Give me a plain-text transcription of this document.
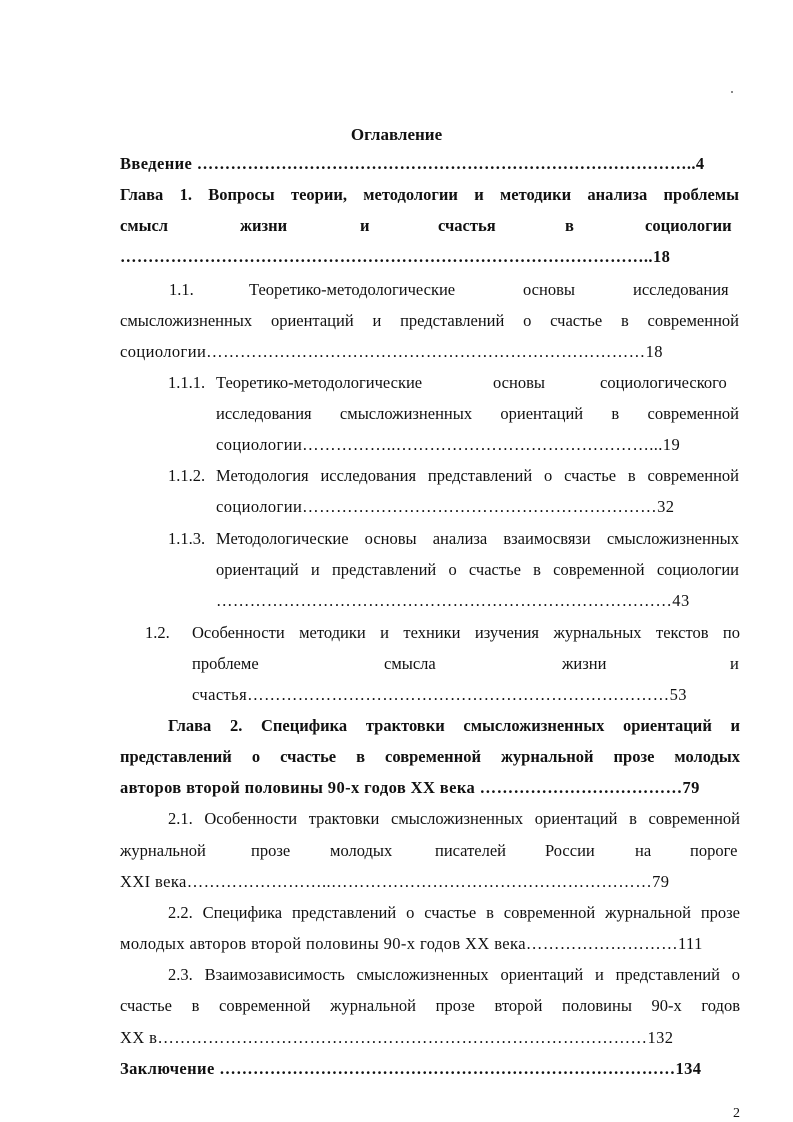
Оглавление
Введение ……………………………………………………………………………..4
Глава 1. Вопросы теории, методологии и методики анализа проблемы
смысл	жизни	и	счастья	в	социологии
…………………………………………………………………………………..18
1.1.	Теоретико-методологические	основы	исследования
смысложизненных ориентаций и представлений о счастье в современной
социологии……………………………………………………………………18
1.1.1. Теоретико-методологические	основы	социологического
исследования смысложизненных ориентаций в современной
социологии……………..………………………………………...19
1.1.2. Методология исследования представлений о счастье в современной
социологии………………………………………………………32
1.1.3. Методологические основы анализа взаимосвязи смысложизненных
ориентаций и представлений о счастье в современной социологии
………………………………………………………………………43
1.2. Особенности методики и техники изучения журнальных текстов по
проблеме	смысла	жизни	и
счастья…………………………………………………………………53
Глава 2. Специфика трактовки смысложизненных ориентаций и
представлений о счастье в современной журнальной прозе молодых
авторов второй половины 90-х годов XX века ………………………………79
2.1. Особенности трактовки смысложизненных ориентаций в современной
журнальной	прозе молодых	писателей России на пороге
XXI века……………………..…………………………………………………79
2.2. Специфика представлений о счастье в современной журнальной прозе
молодых авторов второй половины 90-х годов XX века………………………111
2.3. Взаимозависимость смысложизненных ориентаций и представлений о
счастье в современной журнальной прозе второй половины 90-х годов
XX в……………………………………………………………………………132
Заключение ………………………………………………………………………134
2
